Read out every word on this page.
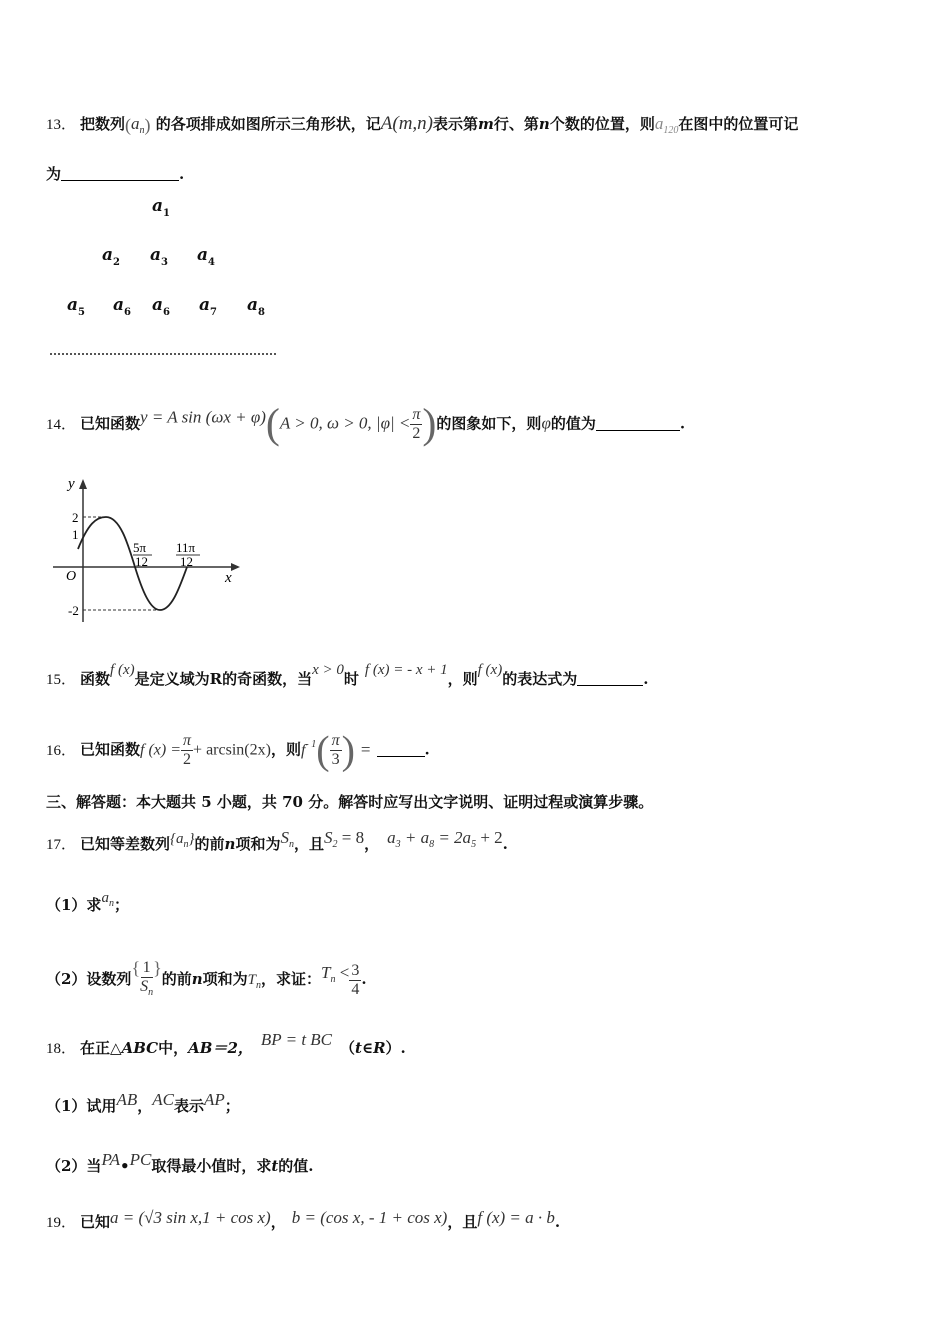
13． 把数列$(a_n)$ 的各项排成如图所示三角形状，记A(m,n)表示第m行、第n个数的位置，则$a_{120}$在图中的位置可记
为	.
$a_1$
$a_2$ $a_3$ $a_4$
$a_5$ $a_6$ $a_6$ $a_7$ $a_8$
14． 已知函数y = A sin (ωx + φ)(A > 0, ω > 0, $|\varphi| < \frac{\pi}{2}$ )的图象如下，则φ的值为	.
y
x
O
2
1
-2
5π
12
11π
12
15． 函数f (x)是定义域为R的奇函数，当x > 0时 f (x) = - x + 1，则f (x)的表达式为	.
16． 已知函数f $(x) = \frac{\pi}{2} + \arcsin(2x)$，则$f^{- 1}( \frac{\pi}{3}$ ) =	.
三、解答题：本大题共 5 小题，共 70 分。解答时应写出文字说明、证明过程或演算步骤。
17． 已知等差数列$\{a_n\}$的前n项和为$S_n$，且$S_2 = 8$， $a_3 + a_8 = 2a_5 + 2$.
（1）求$a_n$；
（2）设数列{ $\frac{1}{S_n}$ }的前n项和为$T_n$，求证：$T_n < \frac{3}{4}$ .
18． 在正△ABC中，AB＝2， BP = t BC （t∈R）.
（1）试用AB，AC表示AP；
（2）当PA•PC取得最小值时，求t的值.
19． 已知a = (√3 sin x,1 + cos x)， b = (cos x, - 1 + cos x)，且f (x) = a · b.
